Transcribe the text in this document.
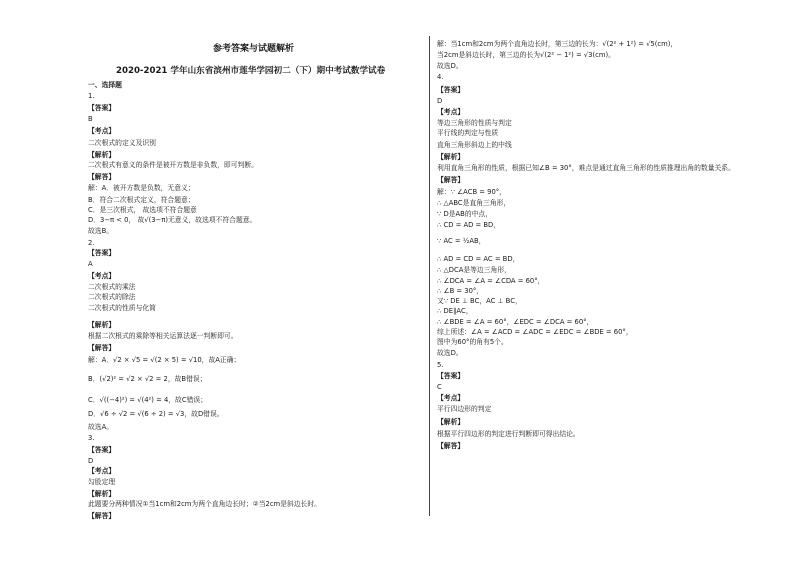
参考答案与试题解析
2020-2021 学年山东省滨州市莲华学园初二（下）期中考试数学试卷
一、选择题
1.
【答案】
B
【考点】
二次根式的定义及识别
【解析】
二次根式有意义的条件是被开方数是非负数，即可判断。
【解答】
解：A．被开方数是负数，无意义；
B．符合二次根式定义，符合题意；
C．是三次根式， 故选项不符合题意
D．3−π < 0， 故√(3−π)无意义，故选项不符合题意。
故选B。
2.
【答案】
A
【考点】
二次根式的乘法
二次根式的除法
二次根式的性质与化简
【解析】
根据二次根式的乘除等相关运算法逐一判断即可。
【解答】
解：A．√2 × √5 = √(2 × 5) = √10，故A正确；
B．(√2)² = √2 × √2 = 2，故B错误；
C．√((−4)²) = √(4²) = 4，故C错误；
D．√6 ÷ √2 = √(6 ÷ 2) = √3，故D错误。
故选A。
3.
【答案】
D
【考点】
勾股定理
【解析】
此题要分两种情况①当1cm和2cm为两个直角边长时；②当2cm是斜边长时。
【解答】
解：当1cm和2cm为两个直角边长时，第三边的长为：√(2² + 1²) = √5(cm)，
当2cm是斜边长时，第三边的长为√(2² − 1²) = √3(cm)。
故选D。
4.
【答案】
D
【考点】
等边三角形的性质与判定
平行线的判定与性质
直角三角形斜边上的中线
【解析】
利用直角三角形的性质，根据已知∠B = 30°，难点是通过直角三角形的性质推理出角的数量关系。
【解答】
解：∵ ∠ACB = 90°，
∴ △ABC是直角三角形，
∵ D是AB的中点，
∴ CD = AD = BD，
∵ AC = ½AB，
∴ AD = CD = AC = BD，
∴ △DCA是等边三角形，
∴ ∠DCA = ∠A = ∠CDA = 60°，
∴ ∠B = 30°，
又∵ DE ⊥ BC，AC ⊥ BC，
∴ DE∥AC，
∴ ∠BDE = ∠A = 60°，∠EDC = ∠DCA = 60°，
综上所述：∠A = ∠ACD = ∠ADC = ∠EDC = ∠BDE = 60°，
图中为60°的角有5个。
故选D。
5.
【答案】
C
【考点】
平行四边形的判定
【解析】
根据平行四边形的判定进行判断即可得出结论。
【解答】
